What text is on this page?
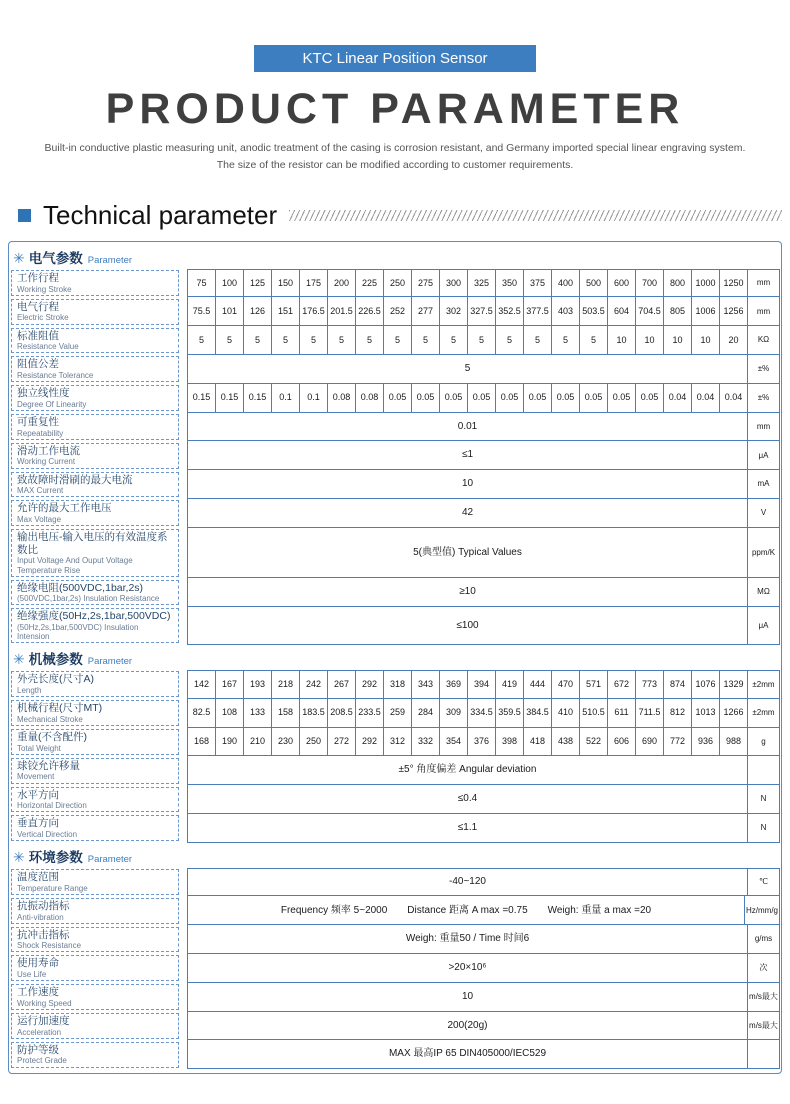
KTC Linear Position Sensor
PRODUCT PARAMETER
Built-in conductive plastic measuring unit, anodic treatment of the casing is corrosion resistant, and Germany imported special linear engraving system.
The size of the resistor can be modified according to customer requirements.
Technical parameter
✳ 电气参数 Parameter
工作行程
Working Stroke
75	100	125	150	175	200	225	250	275	300	325	350	375	400	500	600	700	800	1000 1250	mm
电气行程
Electric Stroke
75.5	101	126	151	176.5 201.5 226.5	252	277	302	327.5 352.5 377.5	403	503.5	604	704.5	805	1006 1256	mm
标准阻值
Resistance Value
5	5	5	5	5	5	5	5	5	5	5	5	5	5	5	10	10	10	10	20	KΩ
阻值公差
Resistance Tolerance
5	±%
独立线性度
Degree Of Linearity
0.15	0.15	0.15	0.1	0.1	0.08	0.08	0.05	0.05	0.05	0.05	0.05	0.05	0.05	0.05	0.05	0.05	0.04	0.04	0.04	±%
可重复性
Repeatability
0.01	mm
滑动工作电流
Working Current
≤1	μA
致故障时滑刷的最大电流
MAX Current
10	mA
允许的最大工作电压
Max Voltage
42	V
输出电压-输入电压的有效温度系数比
Input Voltage And Ouput Voltage Temperature Rise
5(典型值) Typical Values	ppm/K
绝缘电阻(500VDC,1bar,2s)
(500VDC,1bar,2s) Insulation Resistance
≥10	MΩ
绝缘强度(50Hz,2s,1bar,500VDC)
(50Hz,2s,1bar,500VDC) Insulation Intension
≤100	μA
✳ 机械参数 Parameter
外壳长度(尺寸A)
Length
142	167	193	218	242	267	292	318	343	369	394	419	444	470	571	672	773	874	1076 1329	±2mm
机械行程(尺寸MT)
Mechanical Stroke
82.5	108	133	158	183.5 208.5 233.5	259	284	309	334.5 359.5 384.5	410	510.5	611	711.5	812	1013 1266	±2mm
重量(不含配件)
Total Weight
168	190	210	230	250	272	292	312	332	354	376	398	418	438	522	606	690	772	936	988	g
球铰允许移量
Movement
±5° 角度偏差 Angular deviation
水平方向
Horizontal Direction
≤0.4	N
垂直方向
Vertical Direction
≤1.1	N
✳ 环境参数 Parameter
温度范围
Temperature Range
-40~120	℃
抗振动指标
Anti-vibration
Frequency 频率 5~2000　　Distance 距离 A max =0.75　　Weigh: 重量 a max =20	Hz/mm/g
抗冲击指标
Shock Resistance
Weigh: 重量50 / Time 时间6	g/ms
使用寿命
Use Life
>20×10⁶	次
工作速度
Working Speed
10	m/s最大
运行加速度
Acceleration
200(20g)	m/s最大
防护等级
Protect Grade
MAX 最高IP 65 DIN405000/IEC529
